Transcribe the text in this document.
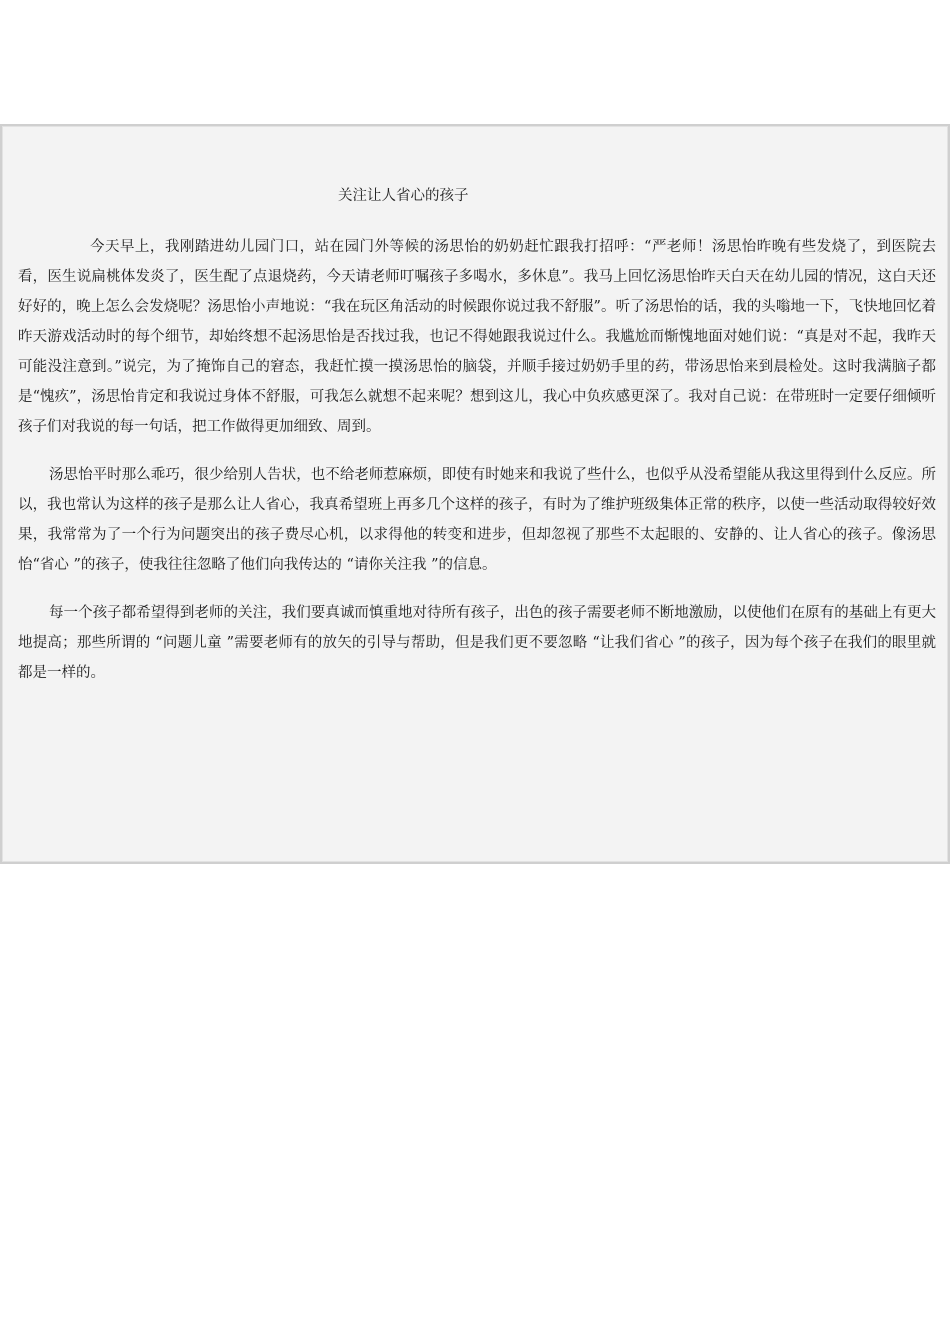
关注让人省心的孩子

今天早上，我刚踏进幼儿园门口，站在园门外等候的汤思怡的奶奶赶忙跟我打招呼：“严老师！汤思怡昨晚有些发烧了，到医院去看，医生说扁桃体发炎了，医生配了点退烧药，今天请老师叮嘱孩子多喝水，多休息”。我马上回忆汤思怡昨天白天在幼儿园的情况，这白天还好好的，晚上怎么会发烧呢？汤思怡小声地说：“我在玩区角活动的时候跟你说过我不舒服”。听了汤思怡的话，我的头嗡地一下，飞快地回忆着昨天游戏活动时的每个细节，却始终想不起汤思怡是否找过我，也记不得她跟我说过什么。我尴尬而惭愧地面对她们说：“真是对不起，我昨天可能没注意到。”说完，为了掩饰自己的窘态，我赶忙摸一摸汤思怡的脑袋，并顺手接过奶奶手里的药，带汤思怡来到晨检处。这时我满脑子都是“愧疚”，汤思怡肯定和我说过身体不舒服，可我怎么就想不起来呢？想到这儿，我心中负疚感更深了。我对自己说：在带班时一定要仔细倾听孩子们对我说的每一句话，把工作做得更加细致、周到。

汤思怡平时那么乖巧，很少给别人告状，也不给老师惹麻烦，即使有时她来和我说了些什么，也似乎从没希望能从我这里得到什么反应。所以，我也常认为这样的孩子是那么让人省心，我真希望班上再多几个这样的孩子，有时为了维护班级集体正常的秩序，以使一些活动取得较好效果，我常常为了一个行为问题突出的孩子费尽心机，以求得他的转变和进步，但却忽视了那些不太起眼的、安静的、让人省心的孩子。像汤思怡“省心 ”的孩子，使我往往忽略了他们向我传达的 “请你关注我 ”的信息。

每一个孩子都希望得到老师的关注，我们要真诚而慎重地对待所有孩子，出色的孩子需要老师不断地激励，以使他们在原有的基础上有更大地提高；那些所谓的 “问题儿童 ”需要老师有的放矢的引导与帮助，但是我们更不要忽略 “让我们省心 ”的孩子，因为每个孩子在我们的眼里就都是一样的。
